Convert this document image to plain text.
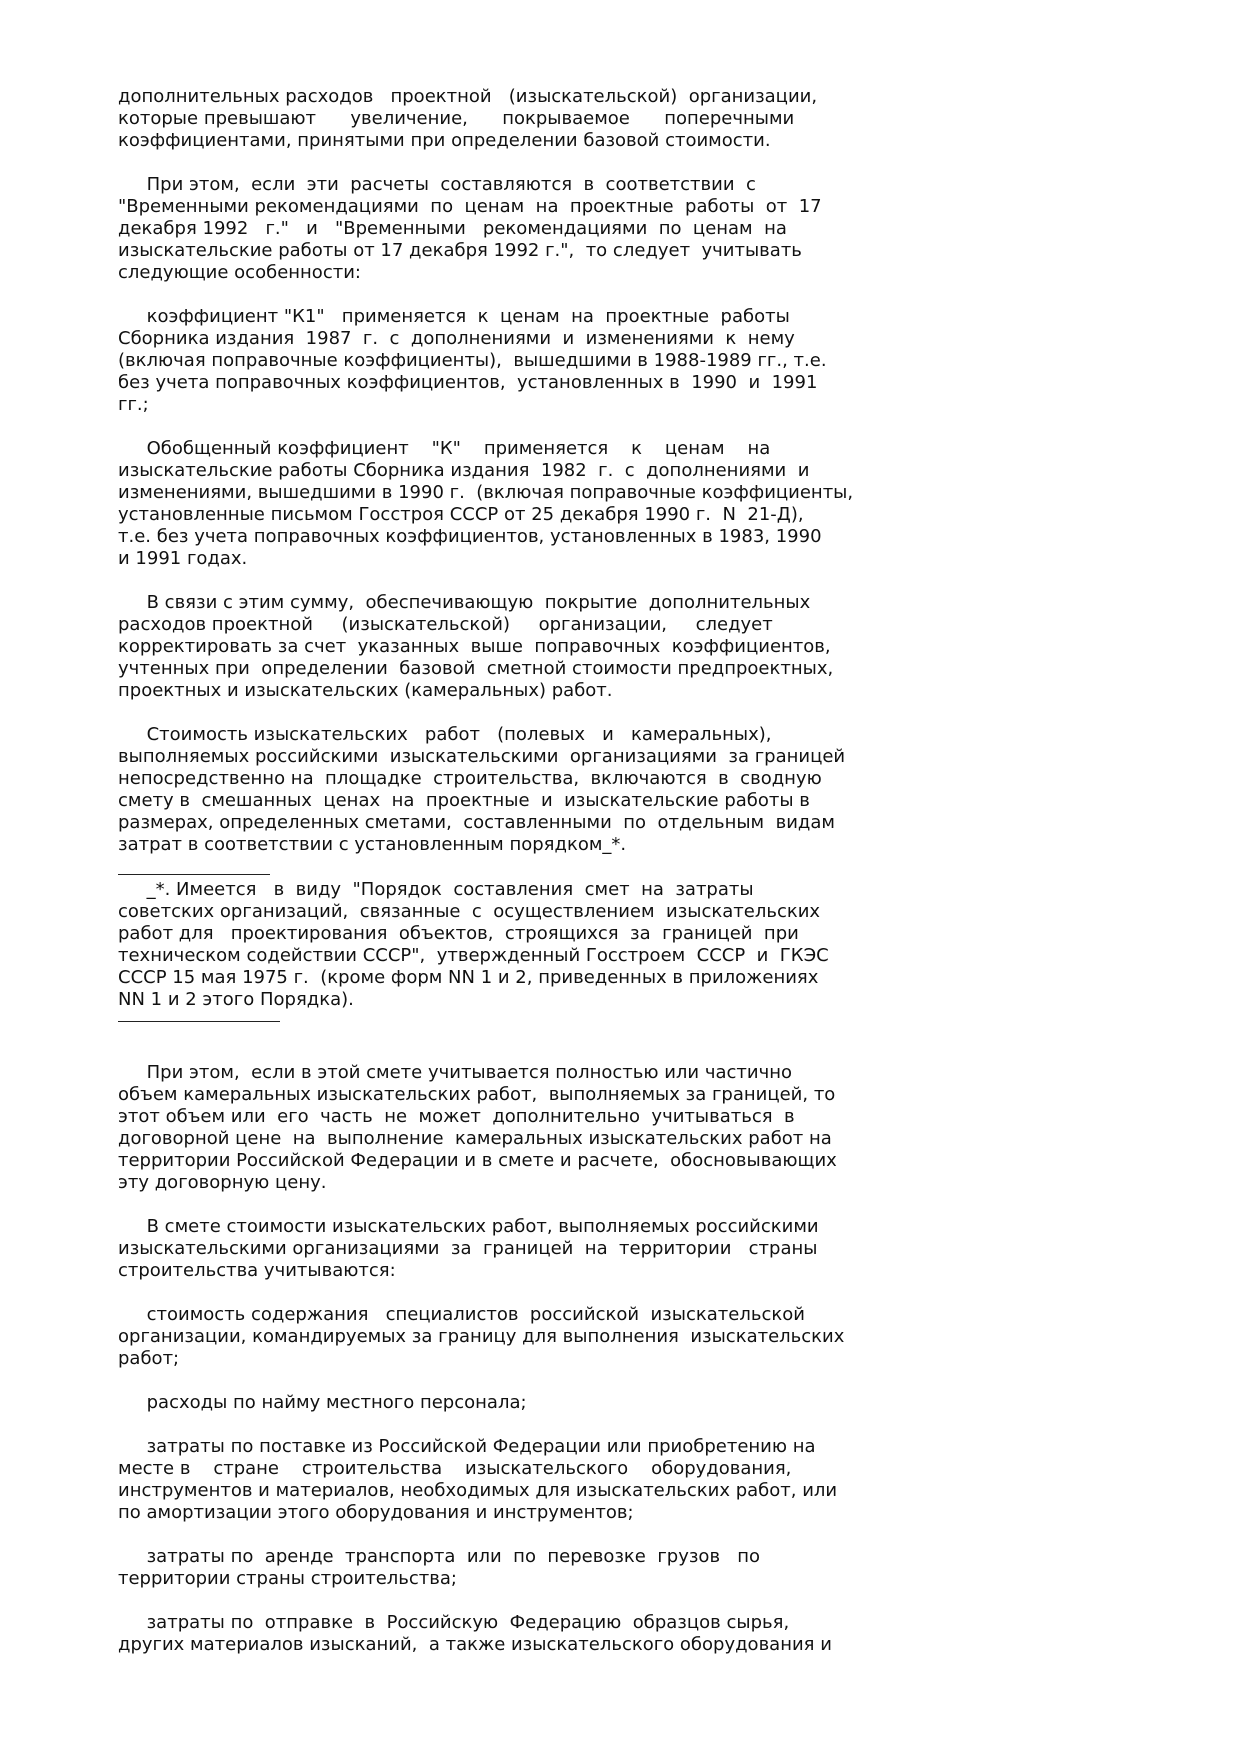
дополнительных расходов   проектной   (изыскательской)  организации,
которые превышают      увеличение,      покрываемое      поперечными
коэффициентами, принятыми при определении базовой стоимости.
При этом,  если  эти  расчеты  составляются  в  соответствии  с
"Временными рекомендациями  по  ценам  на  проектные  работы  от  17
декабря 1992   г."   и   "Временными   рекомендациями  по  ценам  на
изыскательские работы от 17 декабря 1992 г.",  то следует  учитывать
следующие особенности:
коэффициент "К1"   применяется  к  ценам  на  проектные  работы
Сборника издания  1987  г.  с  дополнениями  и  изменениями  к  нему
(включая поправочные коэффициенты),  вышедшими в 1988-1989 гг., т.е.
без учета поправочных коэффициентов,  установленных в  1990  и  1991
гг.;
Обобщенный коэффициент    "К"    применяется    к    ценам    на
изыскательские работы Сборника издания  1982  г.  с  дополнениями  и
изменениями, вышедшими в 1990 г.  (включая поправочные коэффициенты,
установленные письмом Госстроя СССР от 25 декабря 1990 г.  N  21-Д),
т.е. без учета поправочных коэффициентов, установленных в 1983, 1990
и 1991 годах.
В связи с этим сумму,  обеспечивающую  покрытие  дополнительных
расходов проектной     (изыскательской)     организации,     следует
корректировать за счет  указанных  выше  поправочных  коэффициентов,
учтенных при  определении  базовой  сметной стоимости предпроектных,
проектных и изыскательских (камеральных) работ.
Стоимость изыскательских   работ   (полевых   и   камеральных),
выполняемых российскими  изыскательскими  организациями  за границей
непосредственно на  площадке  строительства,  включаются  в  сводную
смету в  смешанных  ценах  на  проектные  и  изыскательские работы в
размерах, определенных сметами,  составленными  по  отдельным  видам
затрат в соответствии с установленным порядком_*.
_*. Имеется   в  виду  "Порядок  составления  смет  на  затраты
советских организаций,  связанные  с  осуществлением  изыскательских
работ для   проектирования  объектов,  строящихся  за  границей  при
техническом содействии СССР",  утвержденный Госстроем  СССР  и  ГКЭС
СССР 15 мая 1975 г.  (кроме форм NN 1 и 2, приведенных в приложениях
NN 1 и 2 этого Порядка).
При этом,  если в этой смете учитывается полностью или частично
объем камеральных изыскательских работ,  выполняемых за границей, то
этот объем или  его  часть  не  может  дополнительно  учитываться  в
договорной цене  на  выполнение  камеральных изыскательских работ на
территории Российской Федерации и в смете и расчете,  обосновывающих
эту договорную цену.
В смете стоимости изыскательских работ, выполняемых российскими
изыскательскими организациями  за  границей  на  территории   страны
строительства учитываются:
стоимость содержания   специалистов  российской  изыскательской
организации, командируемых за границу для выполнения  изыскательских
работ;
расходы по найму местного персонала;
затраты по поставке из Российской Федерации или приобретению на
месте в    стране    строительства    изыскательского    оборудования,
инструментов и материалов, необходимых для изыскательских работ, или
по амортизации этого оборудования и инструментов;
затраты по  аренде  транспорта  или  по  перевозке  грузов   по
территории страны строительства;
затраты по  отправке  в  Российскую  Федерацию  образцов сырья,
других материалов изысканий,  а также изыскательского оборудования и
